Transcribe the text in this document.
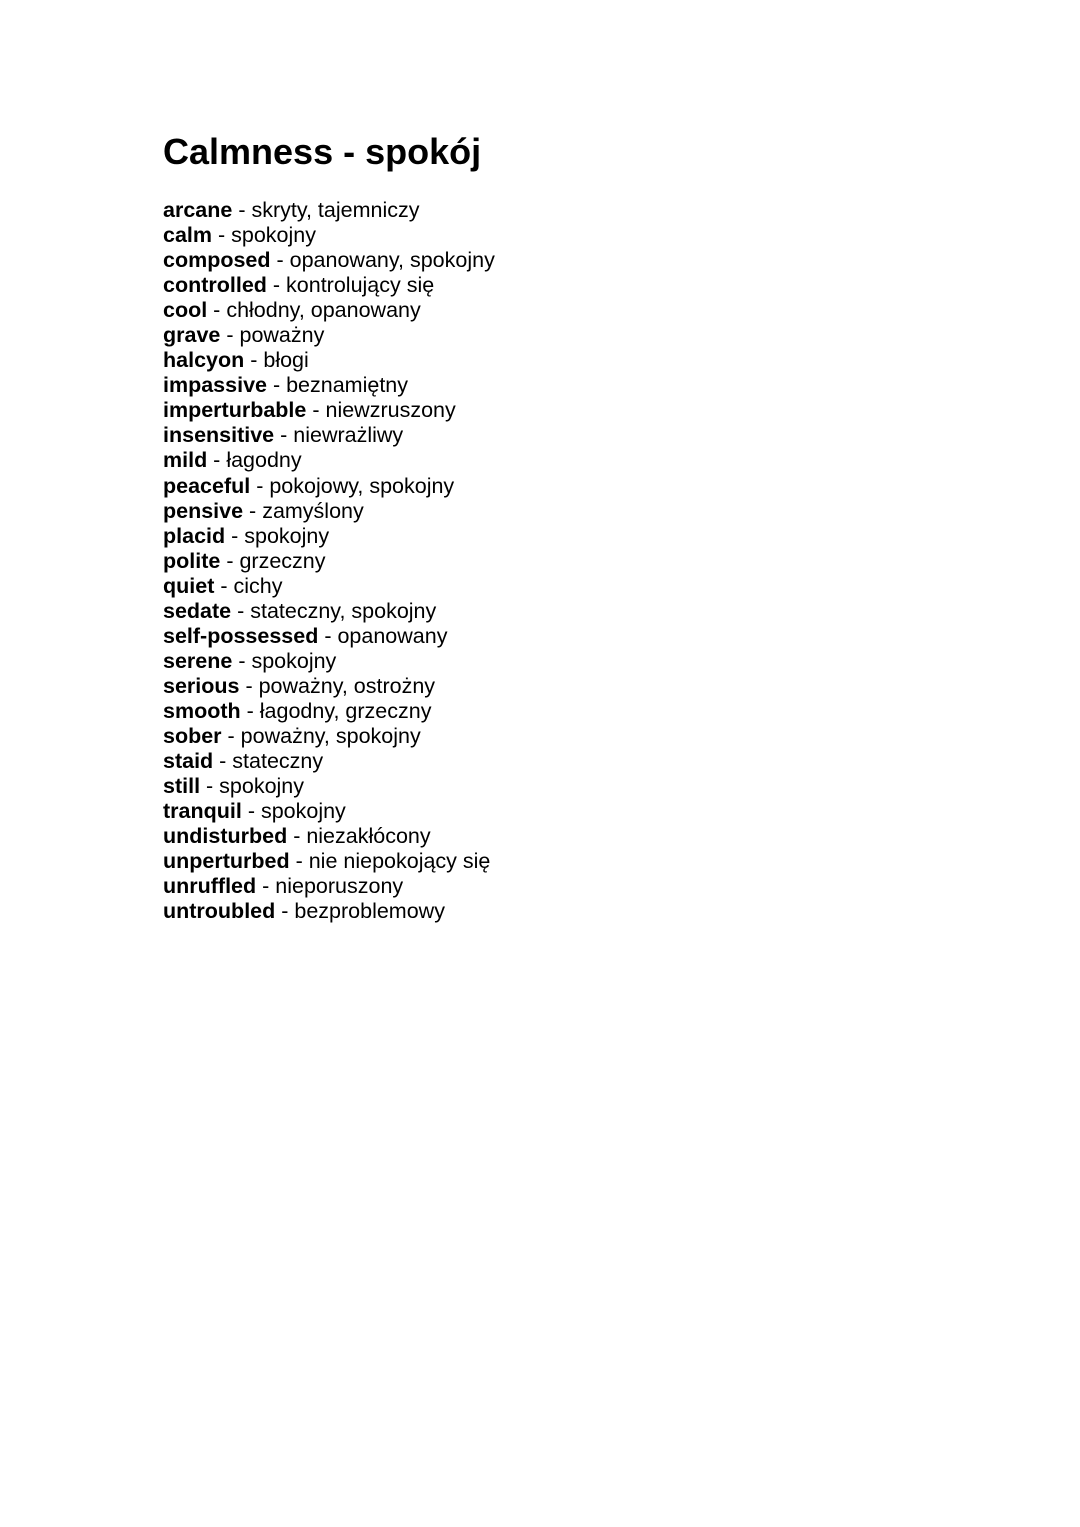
Calmness - spokój
arcane - skryty, tajemniczy
calm - spokojny
composed - opanowany, spokojny
controlled - kontrolujący się
cool - chłodny, opanowany
grave - poważny
halcyon - błogi
impassive - beznamiętny
imperturbable - niewzruszony
insensitive - niewrażliwy
mild - łagodny
peaceful - pokojowy, spokojny
pensive - zamyślony
placid - spokojny
polite - grzeczny
quiet - cichy
sedate - stateczny, spokojny
self-possessed - opanowany
serene - spokojny
serious - poważny, ostrożny
smooth - łagodny, grzeczny
sober - poważny, spokojny
staid - stateczny
still - spokojny
tranquil - spokojny
undisturbed - niezakłócony
unperturbed - nie niepokojący się
unruffled - nieporuszony
untroubled - bezproblemowy
